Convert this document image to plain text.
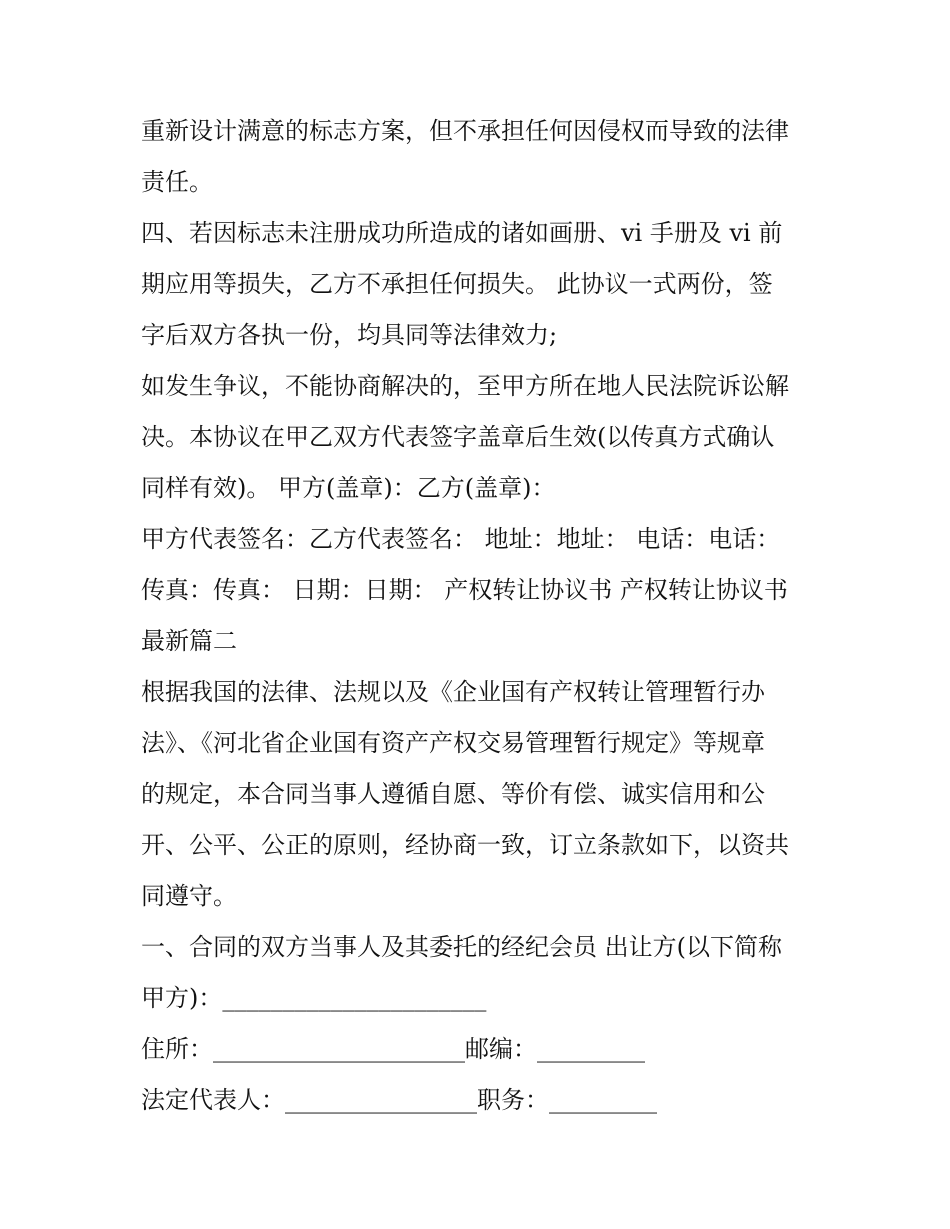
重新设计满意的标志方案，但不承担任何因侵权而导致的法律
责任。
四、若因标志未注册成功所造成的诸如画册、vi 手册及 vi 前
期应用等损失，乙方不承担任何损失。 此协议一式两份，签
字后双方各执一份，均具同等法律效力;
如发生争议，不能协商解决的，至甲方所在地人民法院诉讼解
决。本协议在甲乙双方代表签字盖章后生效(以传真方式确认
同样有效)。 甲方(盖章)：乙方(盖章)：
甲方代表签名：乙方代表签名： 地址：地址： 电话：电话：
传真：传真： 日期：日期： 产权转让协议书 产权转让协议书
最新篇二
根据我国的法律、法规以及《企业国有产权转让管理暂行办
法》、《河北省企业国有资产产权交易管理暂行规定》等规章
的规定，本合同当事人遵循自愿、等价有偿、诚实信用和公
开、公平、公正的原则，经协商一致，订立条款如下，以资共
同遵守。
一、合同的双方当事人及其委托的经纪会员 出让方(以下简称
甲方)：______________________
住所：_____________________邮编：_________
法定代表人：________________职务：_________
